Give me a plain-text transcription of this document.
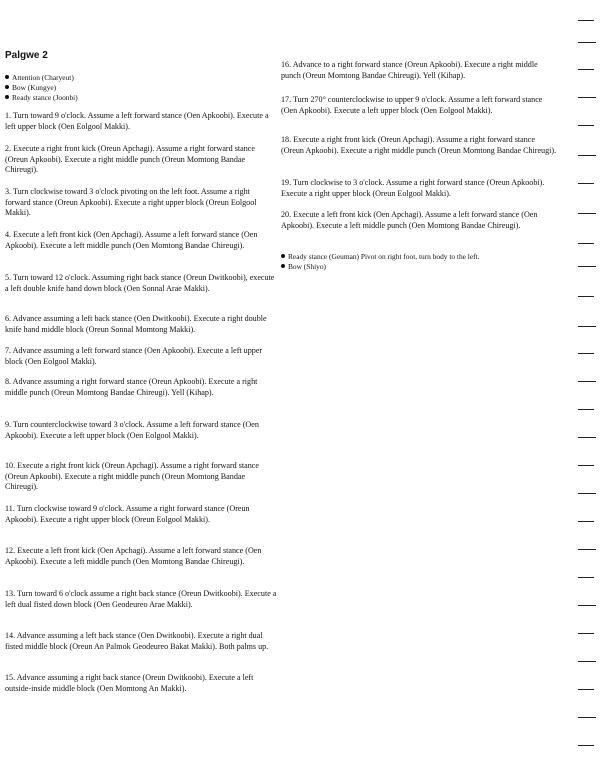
Palgwe 2
Attention (Charyeut)
Bow (Kungye)
Ready stance (Joonbi)

1. Turn toward 9 o'clock. Assume a left forward stance (Oen Apkoobi). Execute a left upper block (Oen Eolgool Makki).

2. Execute a right front kick (Oreun Apchagi). Assume a right forward stance (Oreun Apkoobi). Execute a right middle punch (Oreun Momtong Bandae Chireugi).

3. Turn clockwise toward 3 o'clock pivoting on the left foot. Assume a right forward stance (Oreun Apkoobi). Execute a right upper block (Oreun Eolgool Makki).

4. Execute a left front kick (Oen Apchagi). Assume a left forward stance (Oen Apkoobi). Execute a left middle punch (Oen Momtong Bandae Chireugi).

5. Turn toward 12 o'clock. Assuming right back stance (Oreun Dwitkoobi), execute a left double knife hand down block (Oen Sonnal Arae Makki).

6. Advance assuming a left back stance (Oen Dwitkoobi). Execute a right double knife hand middle block (Oreun Sonnal Momtong Makki).

7. Advance assuming a left forward stance (Oen Apkoobi). Execute a left upper block (Oen Eolgool Makki).

8. Advance assuming a right forward stance (Oreun Apkoobi). Execute a right middle punch (Oreun Momtong Bandae Chireugi). Yell (Kihap).

9. Turn counterclockwise toward 3 o'clock. Assume a left forward stance (Oen Apkoobi). Execute a left upper block (Oen Eolgool Makki).

10. Execute a right front kick (Oreun Apchagi). Assume a right forward stance (Oreun Apkoobi). Execute a right middle punch (Oreun Momtong Bandae Chireugi).

11. Turn clockwise toward 9 o'clock. Assume a right forward stance (Oreun Apkoobi). Execute a right upper block (Oreun Eolgool Makki).

12. Execute a left front kick (Oen Apchagi). Assume a left forward stance (Oen Apkoobi). Execute a left middle punch (Oen Momtong Bandae Chireugi).

13. Turn toward 6 o'clock assume a right back stance (Oreun Dwitkoobi). Execute a left dual fisted down block (Oen Geodeureo Arae Makki).

14. Advance assuming a left back stance (Oen Dwitkoobi). Execute a right dual fisted middle block (Oreun An Palmok Geodeureo Bakat Makki). Both palms up.

15. Advance assuming a right back stance (Oreun Dwitkoobi). Execute a left outside-inside middle block (Oen Momtong An Makki).

16. Advance to a right forward stance (Oreun Apkoobi). Execute a right middle punch (Oreun Momtong Bandae Chireugi). Yell (Kihap).

17. Turn 270° counterclockwise to upper 9 o'clock. Assume a left forward stance (Oen Apkoobi). Execute a left upper block (Oen Eolgool Makki).

18. Execute a right front kick (Oreun Apchagi). Assume a right forward stance (Oreun Apkoobi). Execute a right middle punch (Oreun Momtong Bandae Chireugi).

19. Turn clockwise to 3 o'clock. Assume a right forward stance (Oreun Apkoobi). Execute a right upper block (Oreun Eolgool Makki).

20. Execute a left front kick (Oen Apchagi). Assume a left forward stance (Oen Apkoobi). Execute a left middle punch (Oen Momtong Bandae Chireugi).

Ready stance (Geuman) Pivot on right foot, turn body to the left.
Bow (Shiyo)
